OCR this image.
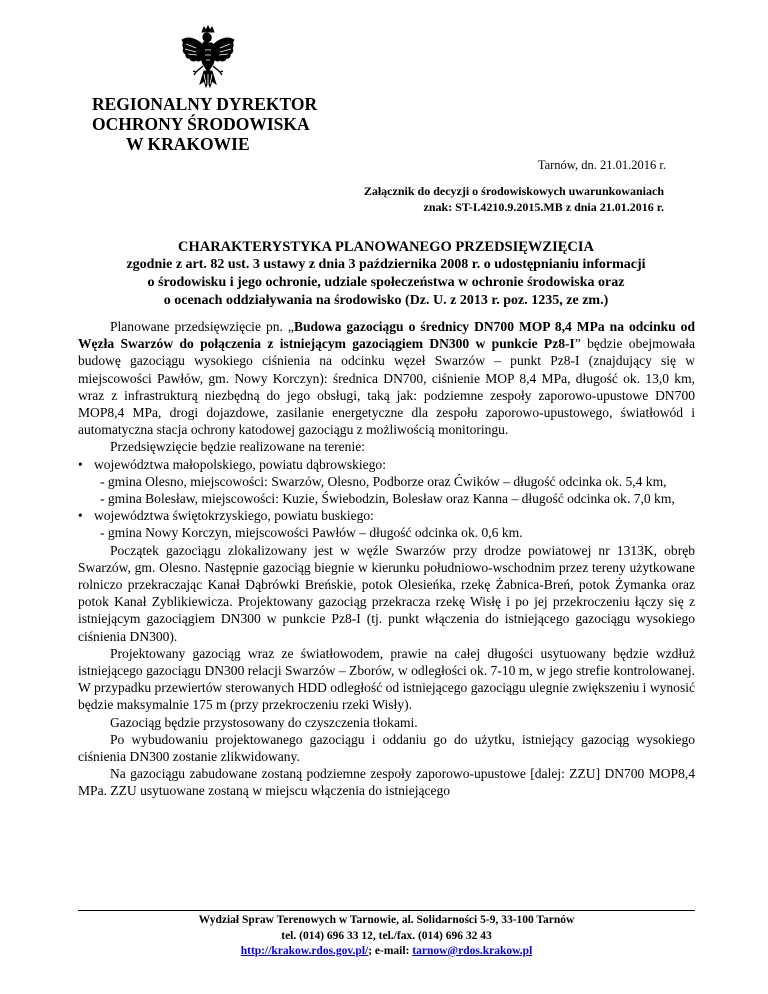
REGIONALNY DYREKTOR
OCHRONY ŚRODOWISKA
W KRAKOWIE
Tarnów, dn. 21.01.2016 r.
Załącznik do decyzji o środowiskowych uwarunkowaniach
znak: ST-I.4210.9.2015.MB z dnia 21.01.2016 r.
CHARAKTERYSTYKA PLANOWANEGO PRZEDSIĘWZIĘCIA
zgodnie z art. 82 ust. 3 ustawy z dnia 3 października 2008 r. o udostępnianiu informacji
o środowisku i jego ochronie, udziale społeczeństwa w ochronie środowiska oraz
o ocenach oddziaływania na środowisko (Dz. U. z 2013 r. poz. 1235, ze zm.)

Planowane przedsięwzięcie pn. „Budowa gazociągu o średnicy DN700 MOP 8,4 MPa na odcinku od Węzła Swarzów do połączenia z istniejącym gazociągiem DN300 w punkcie Pz8-I” będzie obejmowała budowę gazociągu wysokiego ciśnienia na odcinku węzeł Swarzów – punkt Pz8-I (znajdujący się w miejscowości Pawłów, gm. Nowy Korczyn): średnica DN700, ciśnienie MOP 8,4 MPa, długość ok. 13,0 km, wraz z infrastrukturą niezbędną do jego obsługi, taką jak: podziemne zespoły zaporowo-upustowe DN700 MOP8,4 MPa, drogi dojazdowe, zasilanie energetyczne dla zespołu zaporowo-upustowego, światłowód i automatyczna stacja ochrony katodowej gazociągu z możliwością monitoringu.

Przedsięwzięcie będzie realizowane na terenie:

• województwa małopolskiego, powiatu dąbrowskiego:
- gmina Olesno, miejscowości: Swarzów, Olesno, Podborze oraz Ćwików – długość odcinka ok. 5,4 km,
- gmina Bolesław, miejscowości: Kuzie, Świebodzin, Bolesław oraz Kanna – długość odcinka ok. 7,0 km,
• województwa świętokrzyskiego, powiatu buskiego:
- gmina Nowy Korczyn, miejscowości Pawłów – długość odcinka ok. 0,6 km.

Początek gazociągu zlokalizowany jest w węźle Swarzów przy drodze powiatowej nr 1313K, obręb Swarzów, gm. Olesno. Następnie gazociąg biegnie w kierunku południowo-wschodnim przez tereny użytkowane rolniczo przekraczając Kanał Dąbrówki Breńskie, potok Olesieńka, rzekę Żabnica-Breń, potok Żymanka oraz potok Kanał Zyblikiewicza. Projektowany gazociąg przekracza rzekę Wisłę i po jej przekroczeniu łączy się z istniejącym gazociągiem DN300 w punkcie Pz8-I (tj. punkt włączenia do istniejącego gazociągu wysokiego ciśnienia DN300).

Projektowany gazociąg wraz ze światłowodem, prawie na całej długości usytuowany będzie wzdłuż istniejącego gazociągu DN300 relacji Swarzów – Zborów, w odległości ok. 7-10 m, w jego strefie kontrolowanej. W przypadku przewiertów sterowanych HDD odległość od istniejącego gazociągu ulegnie zwiększeniu i wynosić będzie maksymalnie 175 m (przy przekroczeniu rzeki Wisły).

Gazociąg będzie przystosowany do czyszczenia tłokami.

Po wybudowaniu projektowanego gazociągu i oddaniu go do użytku, istniejący gazociąg wysokiego ciśnienia DN300 zostanie zlikwidowany.

Na gazociągu zabudowane zostaną podziemne zespoły zaporowo-upustowe [dalej: ZZU] DN700 MOP8,4 MPa. ZZU usytuowane zostaną w miejscu włączenia do istniejącego

Wydział Spraw Terenowych w Tarnowie, al. Solidarności 5-9, 33-100 Tarnów
tel. (014) 696 33 12, tel./fax. (014) 696 32 43
http://krakow.rdos.gov.pl/; e-mail: tarnow@rdos.krakow.pl
